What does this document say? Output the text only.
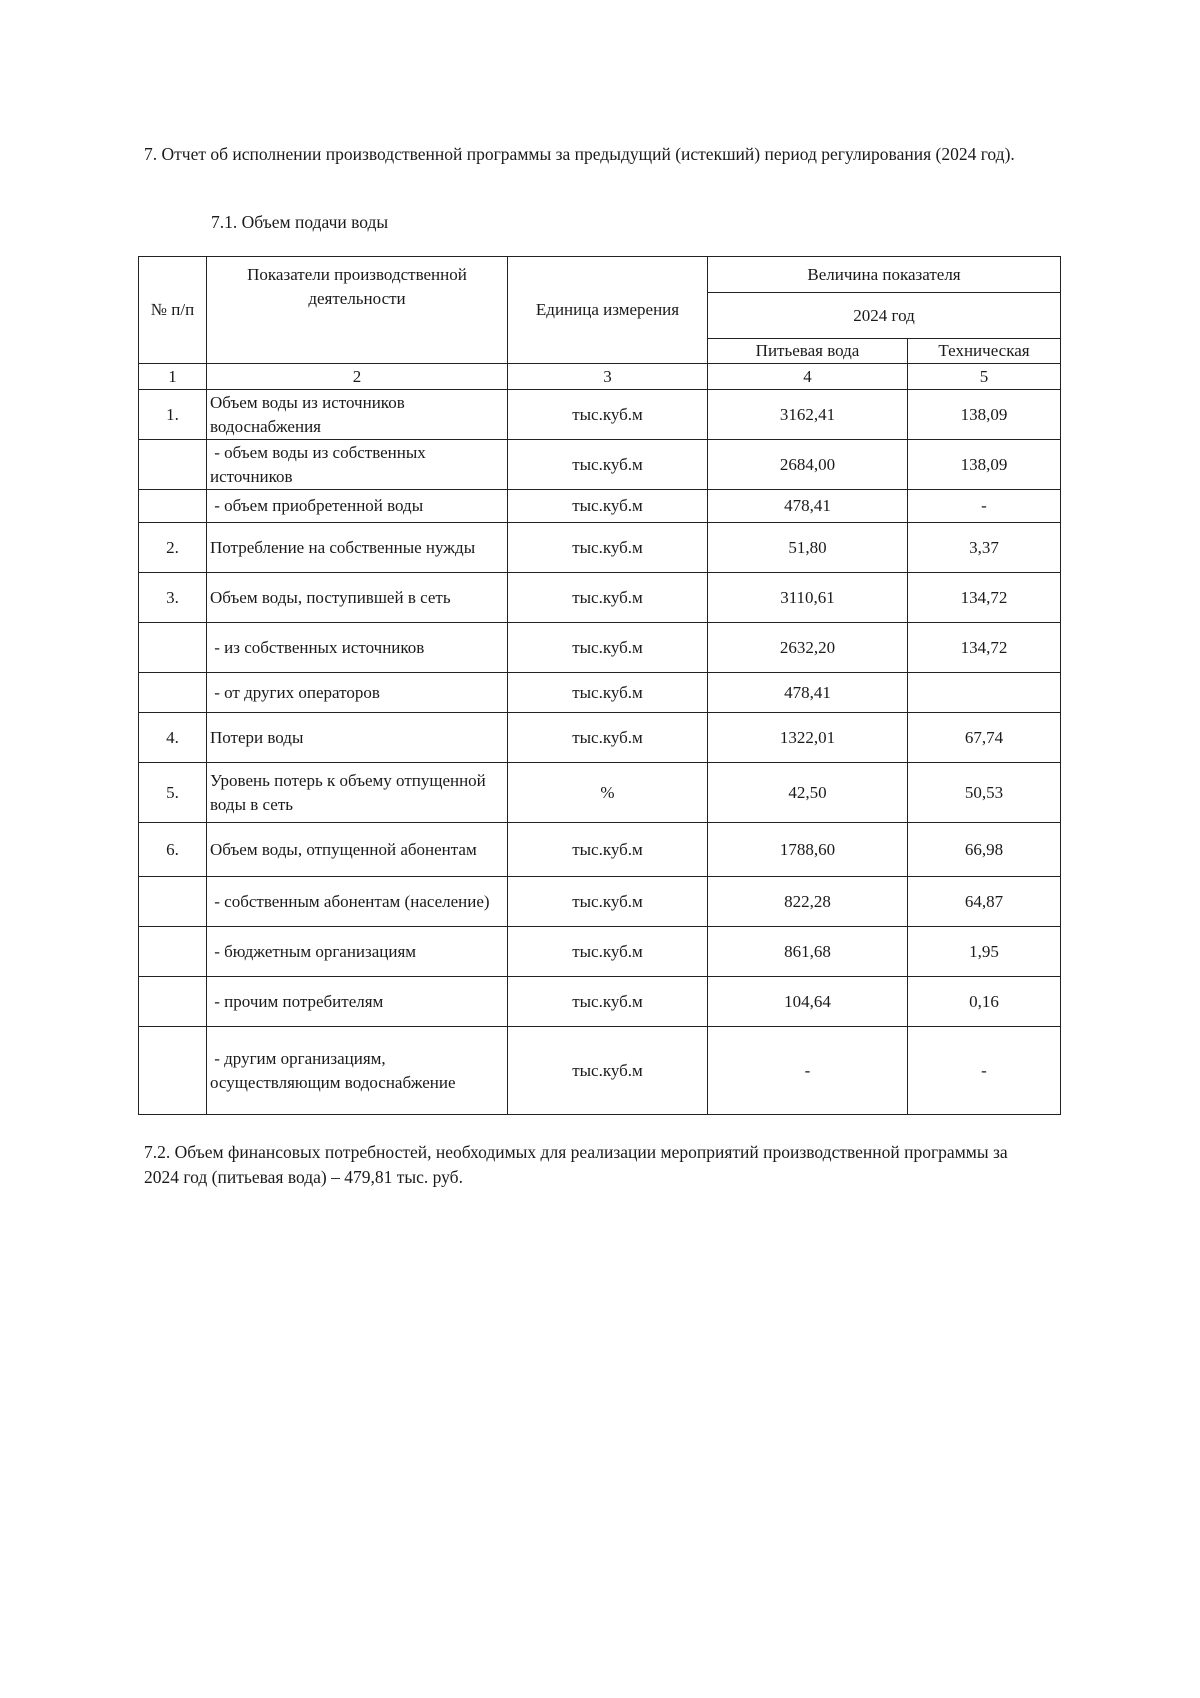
7. Отчет об исполнении производственной программы за предыдущий (истекший) период регулирования (2024 год).
7.1. Объем подачи воды
№ п/п	Показатели производственной деятельности	Единица измерения	Величина показателя	
			2024 год	
			Питьевая вода	Техническая
1	2	3	4	5
1.	Объем воды из источников водоснабжения	тыс.куб.м	3162,41	138,09
	- объем воды из собственных источников	тыс.куб.м	2684,00	138,09
	- объем приобретенной воды	тыс.куб.м	478,41	-
2.	Потребление на собственные нужды	тыс.куб.м	51,80	3,37
3.	Объем воды, поступившей в сеть	тыс.куб.м	3110,61	134,72
	- из собственных источников	тыс.куб.м	2632,20	134,72
	- от других операторов	тыс.куб.м	478,41	
4.	Потери воды	тыс.куб.м	1322,01	67,74
5.	Уровень потерь к объему отпущенной воды в сеть	%	42,50	50,53
6.	Объем воды, отпущенной абонентам	тыс.куб.м	1788,60	66,98
	- собственным абонентам (население)	тыс.куб.м	822,28	64,87
	- бюджетным организациям	тыс.куб.м	861,68	1,95
	- прочим потребителям	тыс.куб.м	104,64	0,16
	- другим организациям, осуществляющим водоснабжение	тыс.куб.м	-	-
7.2. Объем финансовых потребностей, необходимых для реализации мероприятий производственной программы за 2024 год (питьевая вода) – 479,81 тыс. руб.
